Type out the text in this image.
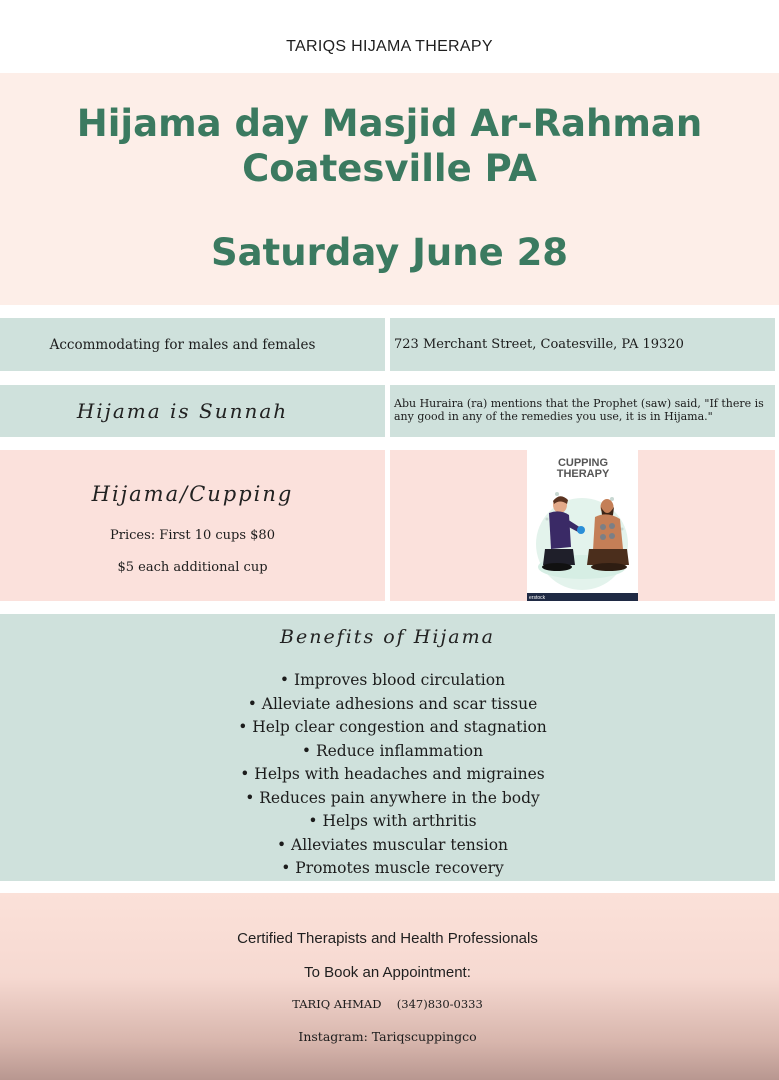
TARIQS HIJAMA THERAPY
Hijama day Masjid Ar-Rahman
Coatesville PA
Saturday June 28
Accommodating for males and females	723 Merchant Street, Coatesville, PA 19320
Hijama is Sunnah	Abu Huraira (ra) mentions that the Prophet (saw) said, "If there is any good in any of the remedies you use, it is in Hijama."
Hijama/Cupping
Prices: First 10 cups $80
$5 each additional cup
CUPPING
THERAPY
erstock
Benefits of Hijama
• Improves blood circulation
• Alleviate adhesions and scar tissue
• Help clear congestion and stagnation
• Reduce inflammation
• Helps with headaches and migraines
• Reduces pain anywhere in the body
• Helps with arthritis
• Alleviates muscular tension
• Promotes muscle recovery
Certified Therapists and Health Professionals
To Book an Appointment:
TARIQ AHMAD (347)830-0333
Instagram: Tariqscuppingco
